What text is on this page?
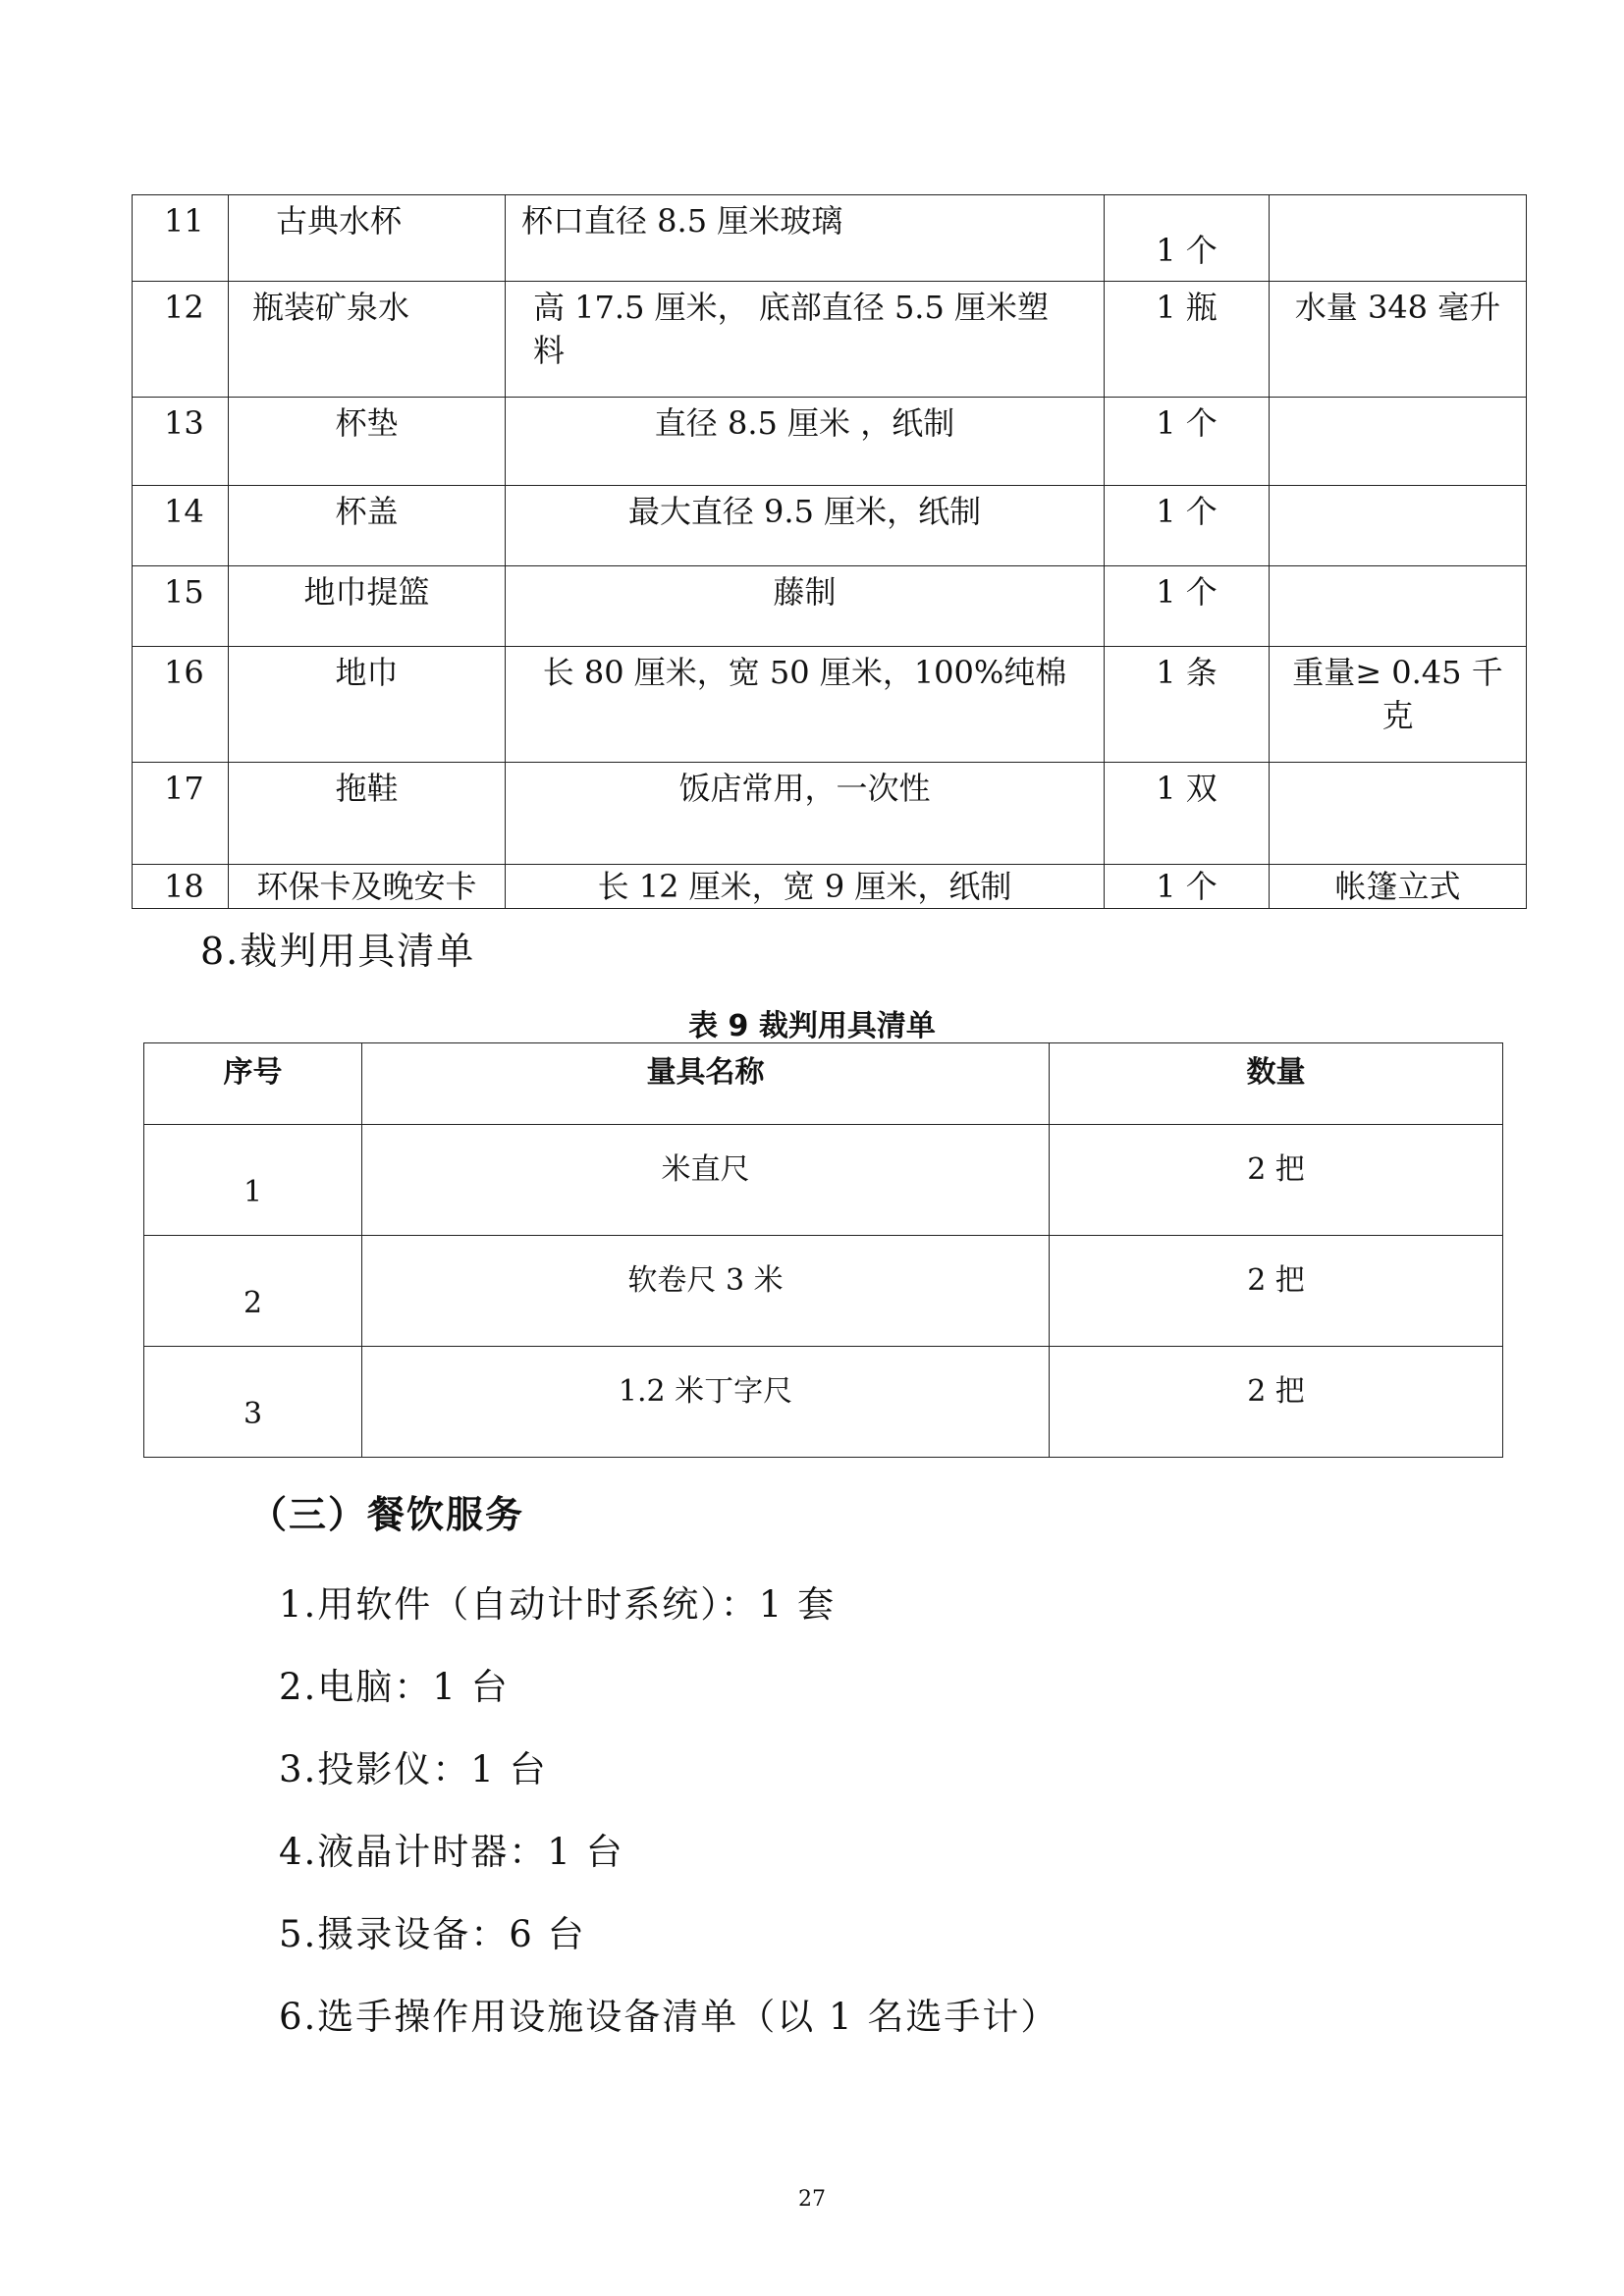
11	古典水杯	杯口直径 8.5 厘米玻璃	1 个	
12	瓶装矿泉水	高 17.5 厘米， 底部直径 5.5 厘米塑料	1 瓶	水量 348 毫升
13	杯垫	直径 8.5 厘米 ，纸制	1 个	
14	杯盖	最大直径 9.5 厘米，纸制	1 个	
15	地巾提篮	藤制	1 个	
16	地巾	长 80 厘米，宽 50 厘米，100%纯棉	1 条	重量≥ 0.45 千克
17	拖鞋	饭店常用，一次性	1 双	
18	环保卡及晚安卡	长 12 厘米，宽 9 厘米，纸制	1 个	帐篷立式
8.裁判用具清单
表 9 裁判用具清单
序号	量具名称	数量
1	米直尺	2 把
2	软卷尺 3 米	2 把
3	1.2 米丁字尺	2 把
（三）餐饮服务
1.用软件（自动计时系统）：1 套
2.电脑：1 台
3.投影仪：1 台
4.液晶计时器：1 台
5.摄录设备：6 台
6.选手操作用设施设备清单（以 1 名选手计）
27
